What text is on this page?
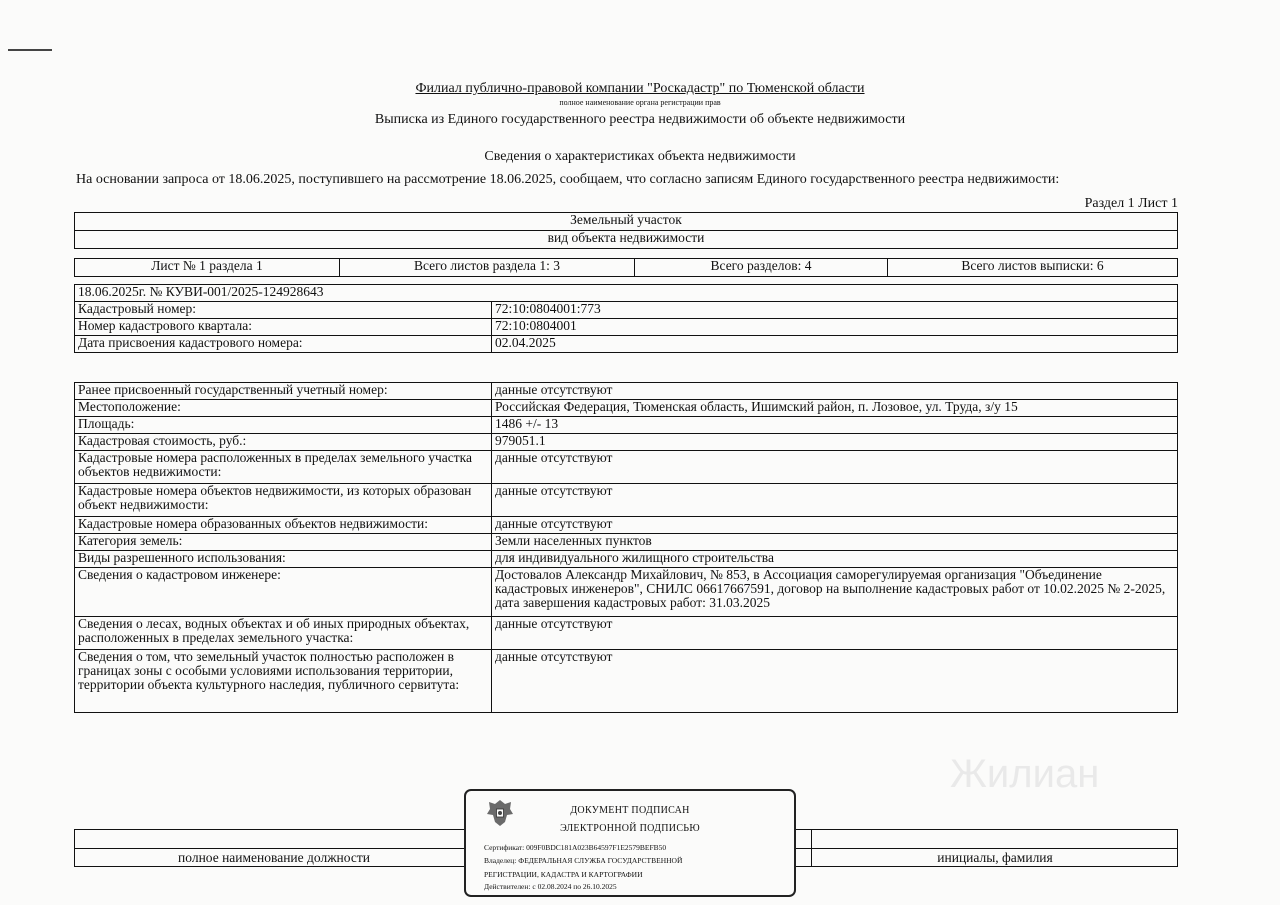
Филиал публично-правовой компании "Роскадастр" по Тюменской области
полное наименование органа регистрации прав
Выписка из Единого государственного реестра недвижимости об объекте недвижимости
Сведения о характеристиках объекта недвижимости
На основании запроса от 18.06.2025, поступившего на рассмотрение 18.06.2025, сообщаем, что согласно записям Единого государственного реестра недвижимости:
Раздел 1 Лист 1
Земельный участок
вид объекта недвижимости
Лист № 1 раздела 1	Всего листов раздела 1: 3	Всего разделов: 4	Всего листов выписки: 6
18.06.2025г. № КУВИ-001/2025-124928643	
Кадастровый номер:	72:10:0804001:773
Номер кадастрового квартала:	72:10:0804001
Дата присвоения кадастрового номера:	02.04.2025
Ранее присвоенный государственный учетный номер:	данные отсутствуют
Местоположение:	Российская Федерация, Тюменская область, Ишимский район, п. Лозовое, ул. Труда, з/у 15
Площадь:	1486 +/- 13
Кадастровая стоимость, руб.:	979051.1
Кадастровые номера расположенных в пределах земельного участка объектов недвижимости:	данные отсутствуют
Кадастровые номера объектов недвижимости, из которых образован объект недвижимости:	данные отсутствуют
Кадастровые номера образованных объектов недвижимости:	данные отсутствуют
Категория земель:	Земли населенных пунктов
Виды разрешенного использования:	для индивидуального жилищного строительства
Сведения о кадастровом инженере:	Достовалов Александр Михайлович, № 853, в Ассоциация саморегулируемая организация "Объединение кадастровых инженеров", СНИЛС 06617667591, договор на выполнение кадастровых работ от 10.02.2025 № 2-2025, дата завершения кадастровых работ: 31.03.2025
Сведения о лесах, водных объектах и об иных природных объектах, расположенных в пределах земельного участка:	данные отсутствуют
Сведения о том, что земельный участок полностью расположен в границах зоны с особыми условиями использования территории, территории объекта культурного наследия, публичного сервитута:	данные отсутствуют
Жилиан
полное наименование должности	инициалы, фамилия
ДОКУМЕНТ ПОДПИСАН
ЭЛЕКТРОННОЙ ПОДПИСЬЮ
Сертификат: 009F0BDC181A023B64597F1E2579BEFB50
Владелец: ФЕДЕРАЛЬНАЯ СЛУЖБА ГОСУДАРСТВЕННОЙ
РЕГИСТРАЦИИ, КАДАСТРА И КАРТОГРАФИИ
Действителен: с 02.08.2024 по 26.10.2025
